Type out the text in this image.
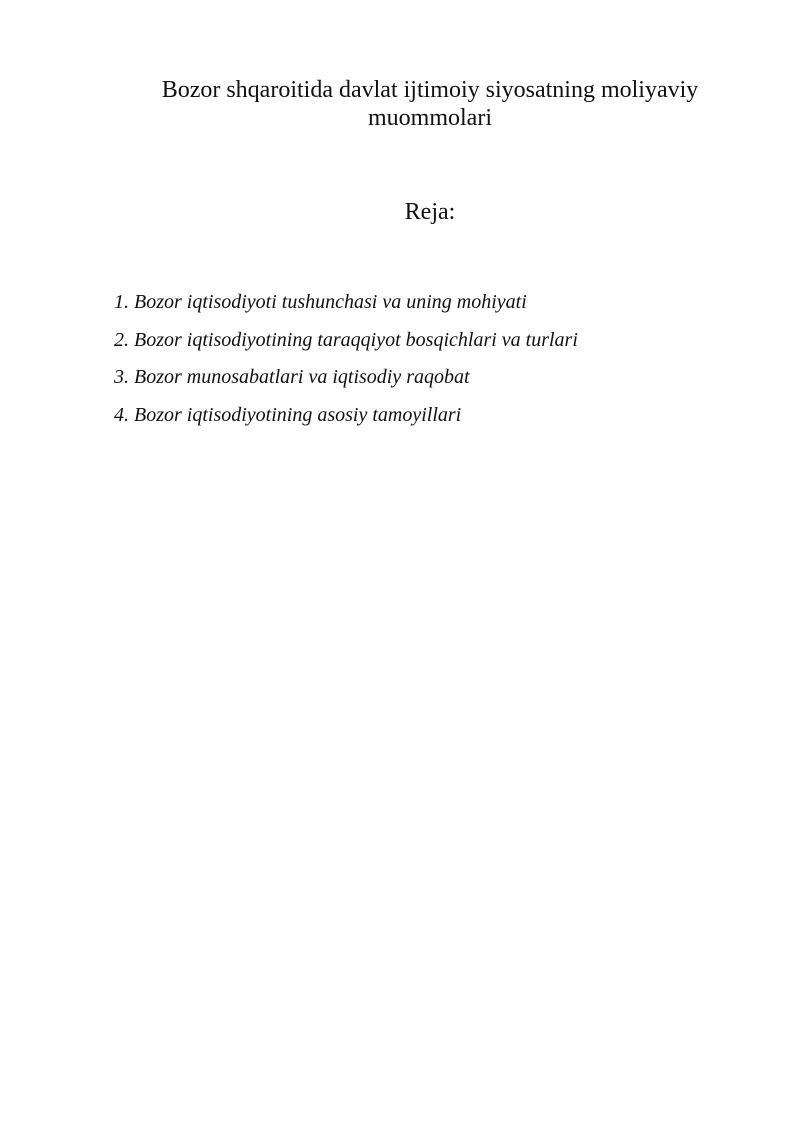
Bozor shqaroitida davlat ijtimoiy siyosatning moliyaviy
muommolari
Reja:
1. Bozor iqtisodiyoti tushunchasi va uning mohiyati
2. Bozor iqtisodiyotining taraqqiyot bosqichlari va turlari
3. Bozor munosabatlari va iqtisodiy raqobat
4. Bozor iqtisodiyotining asosiy tamoyillari
